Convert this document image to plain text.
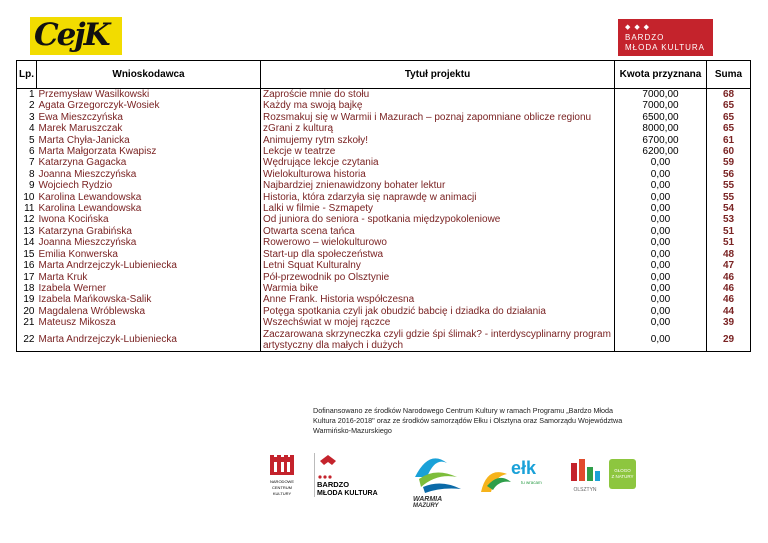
CejK	◆ ◆ ◆
BARDZO
MŁODA KULTURA
Lp.	Wnioskodawca	Tytuł projektu	Kwota przyznana	Suma
1	Przemysław Wasilkowski	Zaproście mnie do stołu	7000,00	68
2	Agata Grzegorczyk-Wosiek	Każdy ma swoją bajkę	7000,00	65
3	Ewa Mieszczyńska	Rozsmakuj się w Warmii i Mazurach – poznaj zapomniane oblicze regionu	6500,00	65
4	Marek Maruszczak	zGrani z kulturą	8000,00	65
5	Marta Chyła-Janicka	Animujemy rytm szkoły!	6700,00	61
6	Marta Małgorzata Kwapisz	Lekcje w teatrze	6200,00	60
7	Katarzyna Gagacka	Wędrujące lekcje czytania	0,00	59
8	Joanna Mieszczyńska	Wielokulturowa historia	0,00	56
9	Wojciech Rydzio	Najbardziej znienawidzony bohater lektur	0,00	55
10	Karolina Lewandowska	Historia, która zdarzyła się naprawdę w animacji	0,00	55
11	Karolina Lewandowska	Lalki w filmie - Szmapety	0,00	54
12	Iwona Kocińska	Od juniora do seniora - spotkania międzypokoleniowe	0,00	53
13	Katarzyna Grabińska	Otwarta scena tańca	0,00	51
14	Joanna Mieszczyńska	Rowerowo – wielokulturowo	0,00	51
15	Emilia Konwerska	Start-up dla społeczeństwa	0,00	48
16	Marta Andrzejczyk-Lubieniecka	Letni Squat Kulturalny	0,00	47
17	Marta Kruk	Pół-przewodnik po Olsztynie	0,00	46
18	Izabela Werner	Warmia bike	0,00	46
19	Izabela Mańkowska-Salik	Anne Frank. Historia współczesna	0,00	46
20	Magdalena Wróblewska	Potęga spotkania czyli jak obudzić babcię i dziadka do działania	0,00	44
21	Mateusz Mikosza	Wszechświat w mojej rączce	0,00	39
22	Marta Andrzejczyk-Lubieniecka	Zaczarowana skrzyneczka czyli gdzie śpi ślimak? - interdyscyplinarny program artystyczny dla małych i dużych	0,00	29
Dofinansowano ze środków Narodowego Centrum Kultury w ramach Programu „Bardzo Młoda Kultura 2016-2018" oraz ze środków samorządów Ełku i Olsztyna oraz Samorządu Województwa Warmińsko-Mazurskiego
NARODOWE
CENTRUM
KULTURY
BARDZO
MŁODA KULTURA
WARMIA
MAZURY
ełk
tu wracam
OLSZTYN
GŁOGO
Z NATURY
